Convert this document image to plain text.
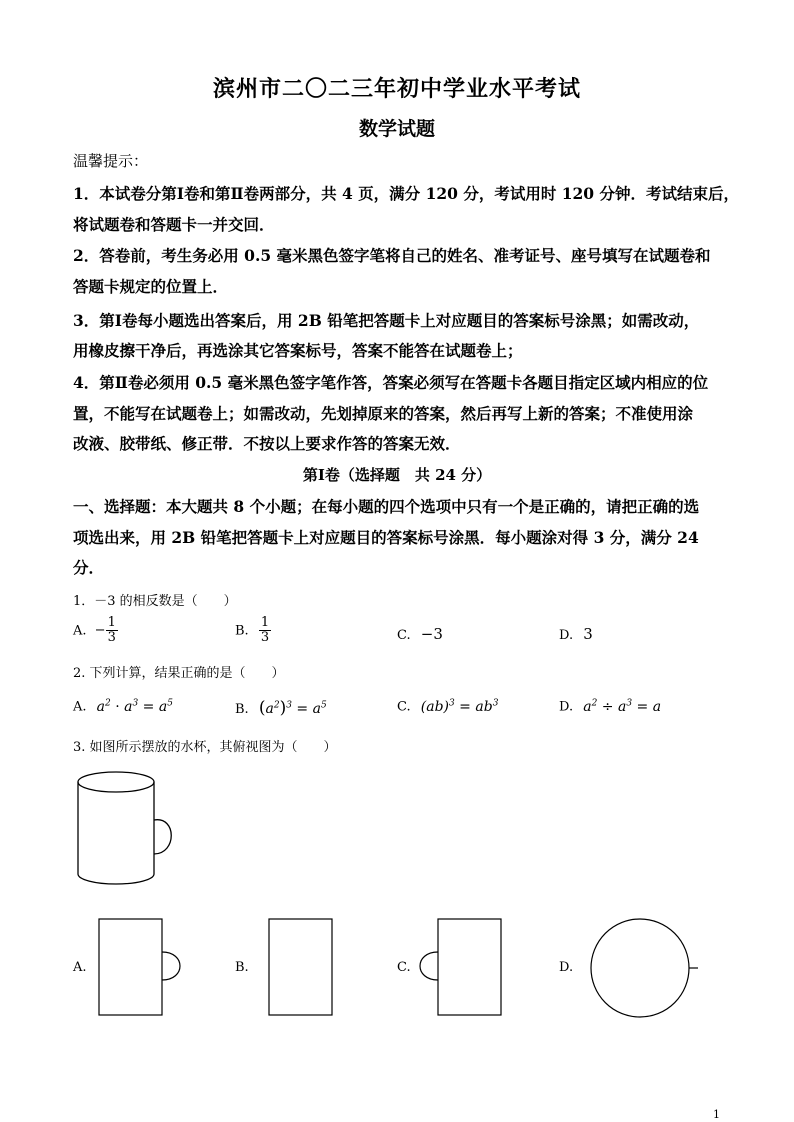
滨州市二〇二三年初中学业水平考试
数学试题
温馨提示：
1．本试卷分第Ⅰ卷和第Ⅱ卷两部分，共 4 页，满分 120 分，考试用时 120 分钟．考试结束后，
将试题卷和答题卡一并交回．
2．答卷前，考生务必用 0.5 毫米黑色签字笔将自己的姓名、准考证号、座号填写在试题卷和
答题卡规定的位置上．
3．第Ⅰ卷每小题选出答案后，用 2B 铅笔把答题卡上对应题目的答案标号涂黑；如需改动，
用橡皮擦干净后，再选涂其它答案标号，答案不能答在试题卷上；
4．第Ⅱ卷必须用 0.5 毫米黑色签字笔作答，答案必须写在答题卡各题目指定区域内相应的位
置，不能写在试题卷上；如需改动，先划掉原来的答案，然后再写上新的答案；不准使用涂
改液、胶带纸、修正带．不按以上要求作答的答案无效．
第Ⅰ卷（选择题　共 24 分）
一、选择题：本大题共 8 个小题；在每小题的四个选项中只有一个是正确的，请把正确的选
项选出来，用 2B 铅笔把答题卡上对应题目的答案标号涂黑．每小题涂对得 3 分，满分 24
分．
1．－3 的相反数是（　　）
A. − $\frac{1}{3}$	B. $\frac{1}{3}$	C. −3	D. 3
2. 下列计算，结果正确的是（　　）
A. $a^2 \cdot a^3 = a^5$	B. $(a^2)^3 = a^5$	C. $(ab)^3 = ab^3$	D. $a^2 \div a^3 = a$
3. 如图所示摆放的水杯，其俯视图为（　　）
A.	B.	C.	D.
1
